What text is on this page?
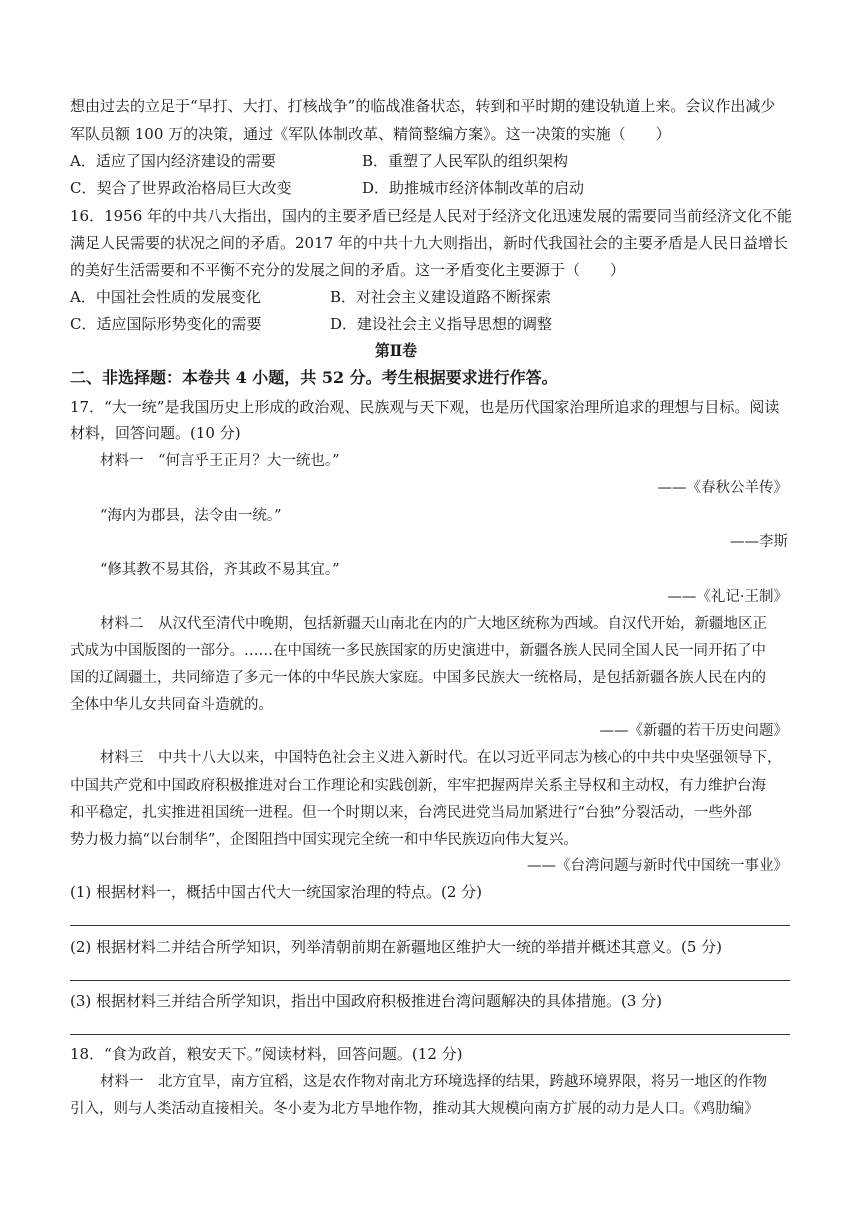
想由过去的立足于“早打、大打、打核战争”的临战准备状态，转到和平时期的建设轨道上来。会议作出减少
军队员额 100 万的决策，通过《军队体制改革、精简整编方案》。这一决策的实施（　　）
A．适应了国内经济建设的需要	B．重塑了人民军队的组织架构
C．契合了世界政治格局巨大改变	D．助推城市经济体制改革的启动
16．1956 年的中共八大指出，国内的主要矛盾已经是人民对于经济文化迅速发展的需要同当前经济文化不能
满足人民需要的状况之间的矛盾。2017 年的中共十九大则指出，新时代我国社会的主要矛盾是人民日益增长
的美好生活需要和不平衡不充分的发展之间的矛盾。这一矛盾变化主要源于（　　）
A．中国社会性质的发展变化	B．对社会主义建设道路不断探索
C．适应国际形势变化的需要	D．建设社会主义指导思想的调整
第Ⅱ卷
二、非选择题：本卷共 4 小题，共 52 分。考生根据要求进行作答。
17．“大一统”是我国历史上形成的政治观、民族观与天下观，也是历代国家治理所追求的理想与目标。阅读
材料，回答问题。(10 分)
材料一　“何言乎王正月？大一统也。”
——《春秋公羊传》
“海内为郡县，法令由一统。”
——李斯
“修其教不易其俗，齐其政不易其宜。”
——《礼记·王制》
材料二　从汉代至清代中晚期，包括新疆天山南北在内的广大地区统称为西域。自汉代开始，新疆地区正
式成为中国版图的一部分。……在中国统一多民族国家的历史演进中，新疆各族人民同全国人民一同开拓了中
国的辽阔疆土，共同缔造了多元一体的中华民族大家庭。中国多民族大一统格局，是包括新疆各族人民在内的
全体中华儿女共同奋斗造就的。
——《新疆的若干历史问题》
材料三　中共十八大以来，中国特色社会主义进入新时代。在以习近平同志为核心的中共中央坚强领导下，
中国共产党和中国政府积极推进对台工作理论和实践创新，牢牢把握两岸关系主导权和主动权，有力维护台海
和平稳定，扎实推进祖国统一进程。但一个时期以来，台湾民进党当局加紧进行“台独”分裂活动，一些外部
势力极力搞“以台制华”，企图阻挡中国实现完全统一和中华民族迈向伟大复兴。
——《台湾问题与新时代中国统一事业》
(1) 根据材料一，概括中国古代大一统国家治理的特点。(2 分)
(2) 根据材料二并结合所学知识，列举清朝前期在新疆地区维护大一统的举措并概述其意义。(5 分)
(3) 根据材料三并结合所学知识，指出中国政府积极推进台湾问题解决的具体措施。(3 分)
18．“食为政首，粮安天下。”阅读材料，回答问题。(12 分)
材料一　北方宜旱，南方宜稻，这是农作物对南北方环境选择的结果，跨越环境界限，将另一地区的作物
引入，则与人类活动直接相关。冬小麦为北方旱地作物，推动其大规模向南方扩展的动力是人口。《鸡肋编》
